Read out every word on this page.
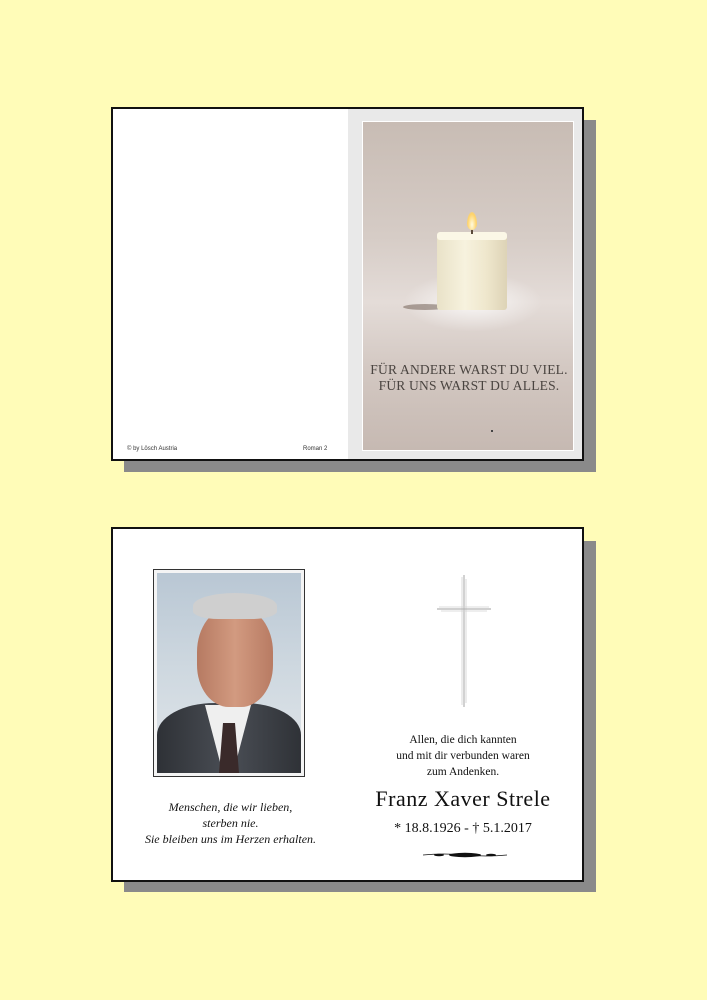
© by Lösch Austria	Roman 2
FÜR ANDERE WARST DU VIEL.
FÜR UNS WARST DU ALLES.
Menschen, die wir lieben,
sterben nie.
Sie bleiben uns im Herzen erhalten.
Allen, die dich kannten
und mit dir verbunden waren
zum Andenken.
Franz Xaver Strele
* 18.8.1926 - † 5.1.2017
